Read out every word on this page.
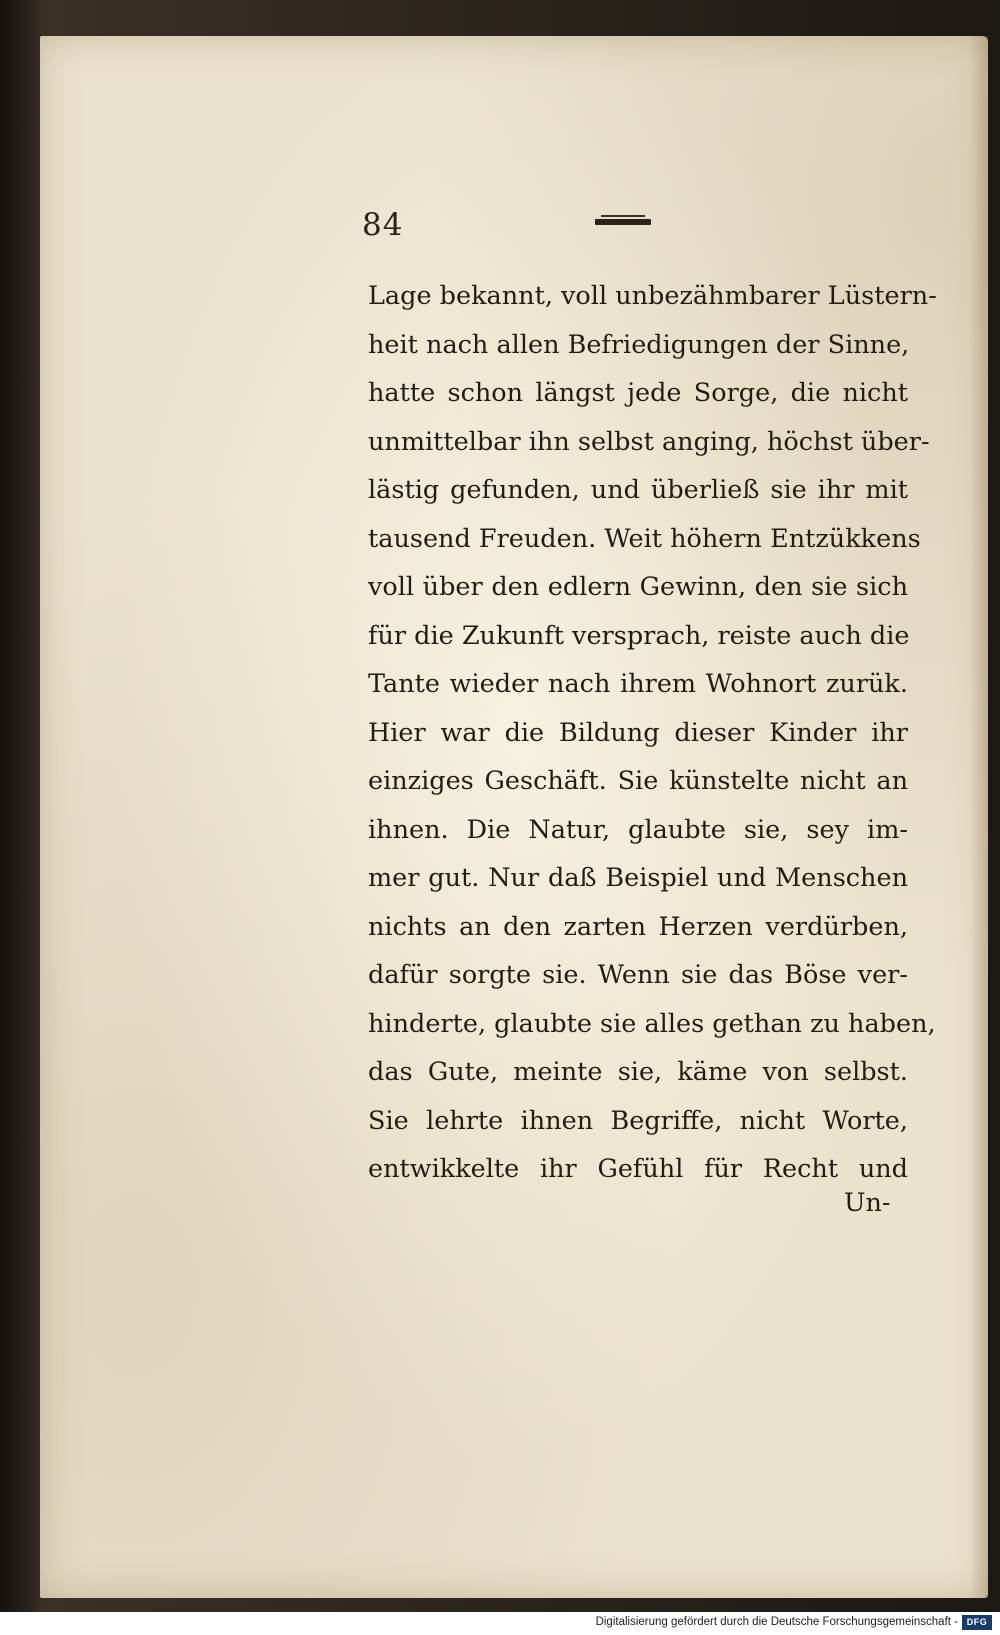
84
Lage bekannt, voll unbezähmbarer Lüstern-
heit nach allen Befriedigungen der Sinne,
hatte schon längst jede Sorge, die nicht
unmittelbar ihn selbst anging, höchst über-
lästig gefunden, und überließ sie ihr mit
tausend Freuden. Weit höhern Entzükkens
voll über den edlern Gewinn, den sie sich
für die Zukunft versprach, reiste auch die
Tante wieder nach ihrem Wohnort zurük.
Hier war die Bildung dieser Kinder ihr
einziges Geschäft. Sie künstelte nicht an
ihnen. Die Natur, glaubte sie, sey im-
mer gut. Nur daß Beispiel und Menschen
nichts an den zarten Herzen verdürben,
dafür sorgte sie. Wenn sie das Böse ver-
hinderte, glaubte sie alles gethan zu haben,
das Gute, meinte sie, käme von selbst.
Sie lehrte ihnen Begriffe, nicht Worte,
entwikkelte ihr Gefühl für Recht und
Un-
Digitalisierung gefördert durch die Deutsche Forschungsgemeinschaft - DFG
